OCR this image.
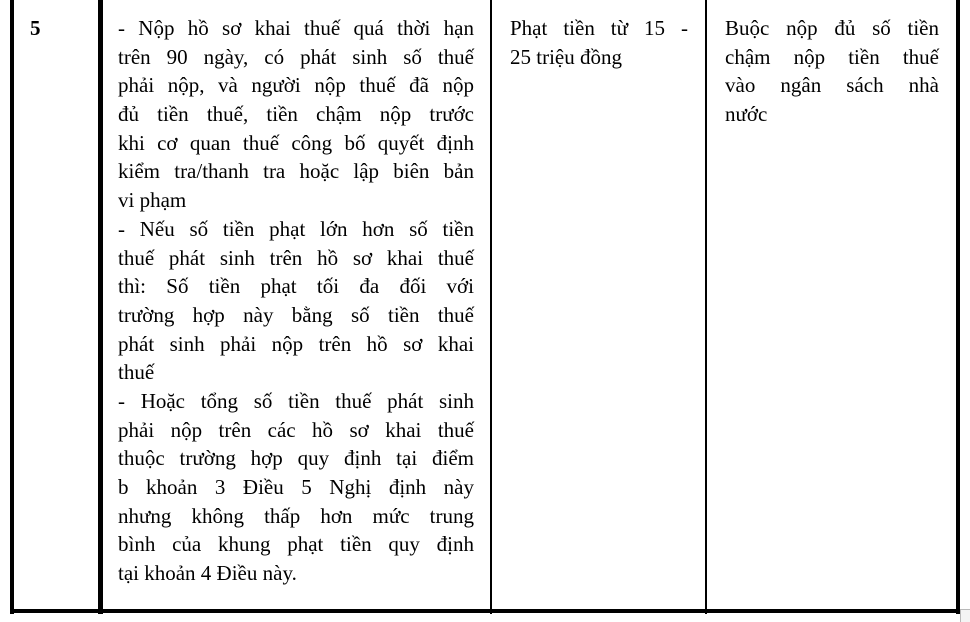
5	- Nộp hồ sơ khai thuế quá thời hạn
trên 90 ngày, có phát sinh số thuế
phải nộp, và người nộp thuế đã nộp
đủ tiền thuế, tiền chậm nộp trước
khi cơ quan thuế công bố quyết định
kiểm tra/thanh tra hoặc lập biên bản
vi phạm
- Nếu số tiền phạt lớn hơn số tiền
thuế phát sinh trên hồ sơ khai thuế
thì: Số tiền phạt tối đa đối với
trường hợp này bằng số tiền thuế
phát sinh phải nộp trên hồ sơ khai
thuế
- Hoặc tổng số tiền thuế phát sinh
phải nộp trên các hồ sơ khai thuế
thuộc trường hợp quy định tại điểm
b khoản 3 Điều 5 Nghị định này
nhưng không thấp hơn mức trung
bình của khung phạt tiền quy định
tại khoản 4 Điều này.
Phạt tiền từ 15 -
25 triệu đồng
Buộc nộp đủ số tiền
chậm nộp tiền thuế
vào ngân sách nhà
nước
